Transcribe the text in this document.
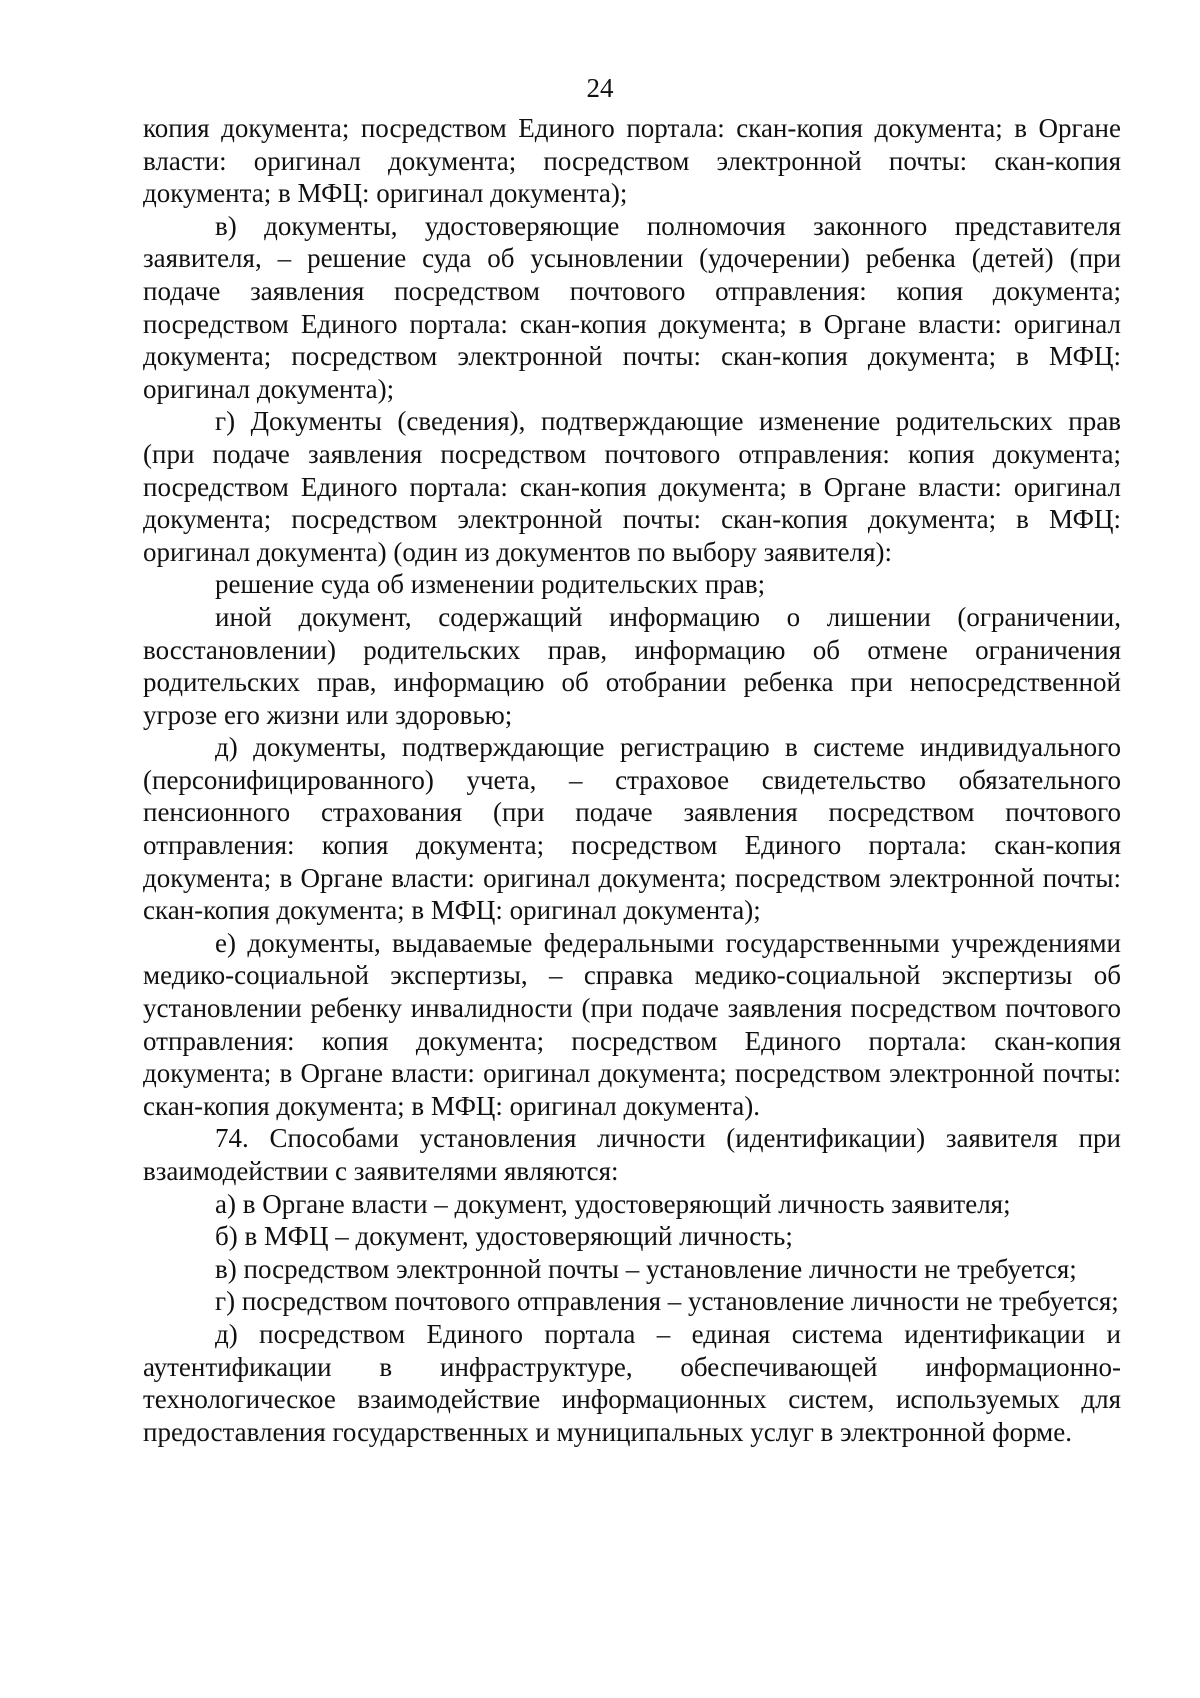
24

копия документа; посредством Единого портала: скан-копия документа; в Органе власти: оригинал документа; посредством электронной почты: скан-копия документа; в МФЦ: оригинал документа);

в) документы, удостоверяющие полномочия законного представителя заявителя, – решение суда об усыновлении (удочерении) ребенка (детей) (при подаче заявления посредством почтового отправления: копия документа; посредством Единого портала: скан-копия документа; в Органе власти: оригинал документа; посредством электронной почты: скан-копия документа; в МФЦ: оригинал документа);

г) Документы (сведения), подтверждающие изменение родительских прав (при подаче заявления посредством почтового отправления: копия документа; посредством Единого портала: скан-копия документа; в Органе власти: оригинал документа; посредством электронной почты: скан-копия документа; в МФЦ: оригинал документа) (один из документов по выбору заявителя):

решение суда об изменении родительских прав;

иной документ, содержащий информацию о лишении (ограничении, восстановлении) родительских прав, информацию об отмене ограничения родительских прав, информацию об отобрании ребенка при непосредственной угрозе его жизни или здоровью;

д) документы, подтверждающие регистрацию в системе индивидуального (персонифицированного) учета, – страховое свидетельство обязательного пенсионного страхования (при подаче заявления посредством почтового отправления: копия документа; посредством Единого портала: скан-копия документа; в Органе власти: оригинал документа; посредством электронной почты: скан-копия документа; в МФЦ: оригинал документа);

е) документы, выдаваемые федеральными государственными учреждениями медико-социальной экспертизы, – справка медико-социальной экспертизы об установлении ребенку инвалидности (при подаче заявления посредством почтового отправления: копия документа; посредством Единого портала: скан-копия документа; в Органе власти: оригинал документа; посредством электронной почты: скан-копия документа; в МФЦ: оригинал документа).

74. Способами установления личности (идентификации) заявителя при взаимодействии с заявителями являются:

а) в Органе власти – документ, удостоверяющий личность заявителя;

б) в МФЦ – документ, удостоверяющий личность;

в) посредством электронной почты – установление личности не требуется;

г) посредством почтового отправления – установление личности не требуется;

д) посредством Единого портала – единая система идентификации и аутентификации в инфраструктуре, обеспечивающей информационно-технологическое взаимодействие информационных систем, используемых для предоставления государственных и муниципальных услуг в электронной форме.
